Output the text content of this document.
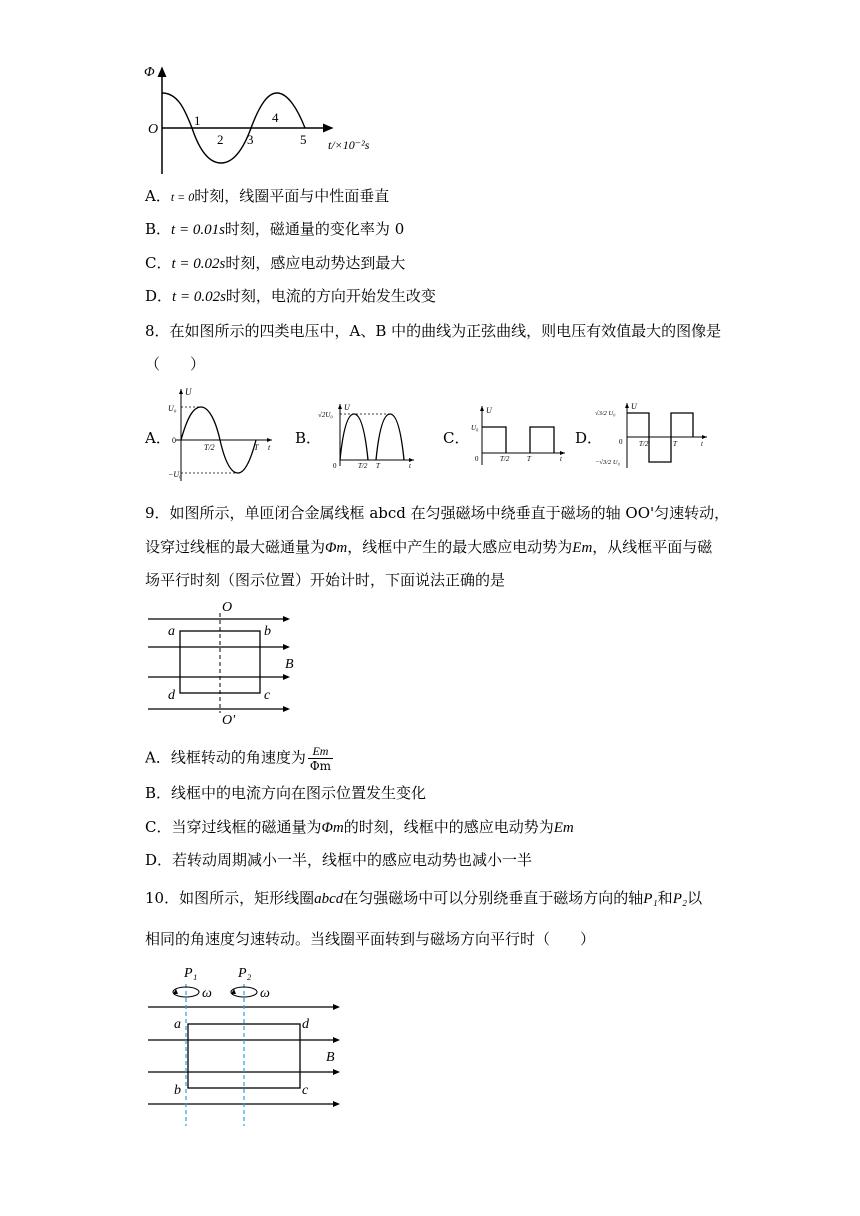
Φ
O
1
2 3
4
5 t/×10⁻²s
A．t = 0时刻，线圈平面与中性面垂直
B．t = 0.01s时刻，磁通量的变化率为 0
C．t = 0.02s时刻，感应电动势达到最大
D．t = 0.02s时刻，电流的方向开始发生改变
8．在如图所示的四类电压中，A、B 中的曲线为正弦曲线，则电压有效值最大的图像是
（　　）
A．
U
U₀
0
T/2	T t
−U₀
B．
U
√2U₀
0	T/2 T	t
C．
U
U₀
0	T/2	T	t
D．
U
√3/2 U₀
0 T/2	T	t
−√3/2 U₀
9．如图所示，单匝闭合金属线框 abcd 在匀强磁场中绕垂直于磁场的轴 OO'匀速转动，
设穿过线框的最大磁通量为Φm，线框中产生的最大感应电动势为Em，从线框平面与磁
场平行时刻（图示位置）开始计时，下面说法正确的是
O
O'
a	b
c
d
B
A．线框转动的角速度为 $\frac{Em}{\Phi m}$
B．线框中的电流方向在图示位置发生变化
C．当穿过线框的磁通量为Φm的时刻，线框中的感应电动势为Em
D．若转动周期减小一半，线框中的感应电动势也减小一半
10．如图所示，矩形线圈abcd在匀强磁场中可以分别绕垂直于磁场方向的轴P₁和P₂以
相同的角速度匀速转动。当线圈平面转到与磁场方向平行时（　　）
P₁	P₂
ω	ω
a	d
b	c
B
